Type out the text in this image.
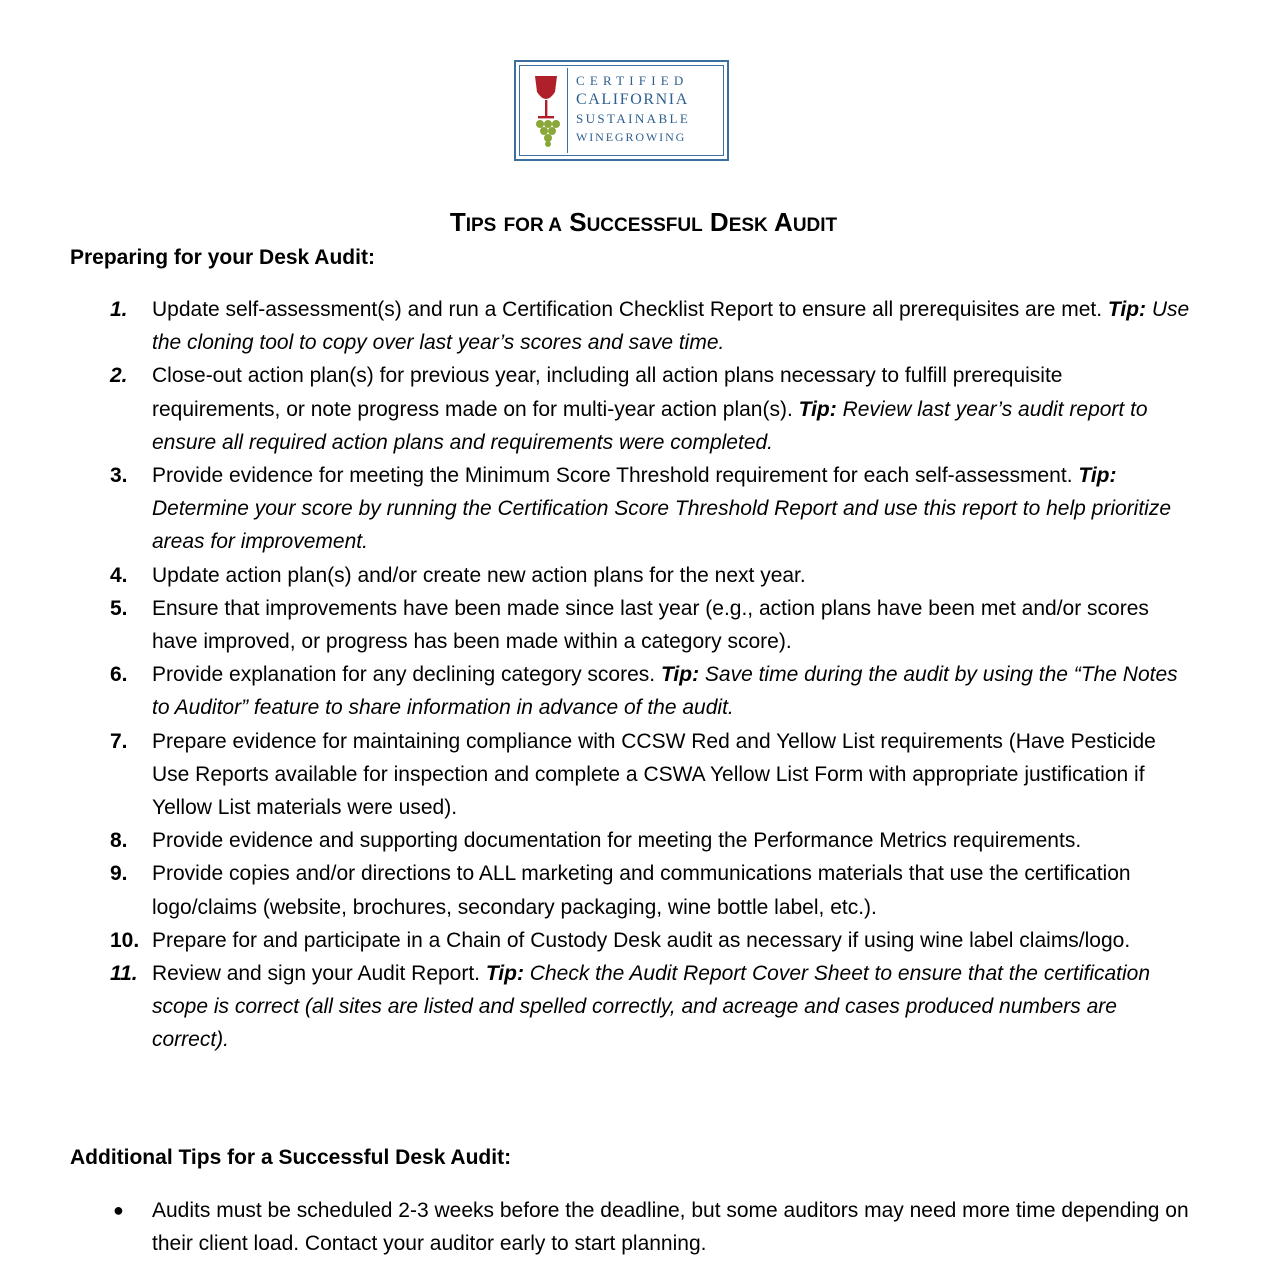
CERTIFIED
CALIFORNIA
SUSTAINABLE
WINEGROWING
TIPS FOR A SUCCESSFUL DESK AUDIT
Preparing for your Desk Audit:
1. Update self-assessment(s) and run a Certification Checklist Report to ensure all prerequisites are met. Tip: Use the cloning tool to copy over last year’s scores and save time.
2. Close-out action plan(s) for previous year, including all action plans necessary to fulfill prerequisite requirements, or note progress made on for multi-year action plan(s). Tip: Review last year’s audit report to ensure all required action plans and requirements were completed.
3. Provide evidence for meeting the Minimum Score Threshold requirement for each self-assessment. Tip: Determine your score by running the Certification Score Threshold Report and use this report to help prioritize areas for improvement.
4. Update action plan(s) and/or create new action plans for the next year.
5. Ensure that improvements have been made since last year (e.g., action plans have been met and/or scores have improved, or progress has been made within a category score).
6. Provide explanation for any declining category scores. Tip: Save time during the audit by using the “The Notes to Auditor” feature to share information in advance of the audit.
7. Prepare evidence for maintaining compliance with CCSW Red and Yellow List requirements (Have Pesticide Use Reports available for inspection and complete a CSWA Yellow List Form with appropriate justification if Yellow List materials were used).
8. Provide evidence and supporting documentation for meeting the Performance Metrics requirements.
9. Provide copies and/or directions to ALL marketing and communications materials that use the certification logo/claims (website, brochures, secondary packaging, wine bottle label, etc.).
10. Prepare for and participate in a Chain of Custody Desk audit as necessary if using wine label claims/logo.
11. Review and sign your Audit Report. Tip: Check the Audit Report Cover Sheet to ensure that the certification scope is correct (all sites are listed and spelled correctly, and acreage and cases produced numbers are correct).
Additional Tips for a Successful Desk Audit:
● Audits must be scheduled 2-3 weeks before the deadline, but some auditors may need more time depending on their client load. Contact your auditor early to start planning.
